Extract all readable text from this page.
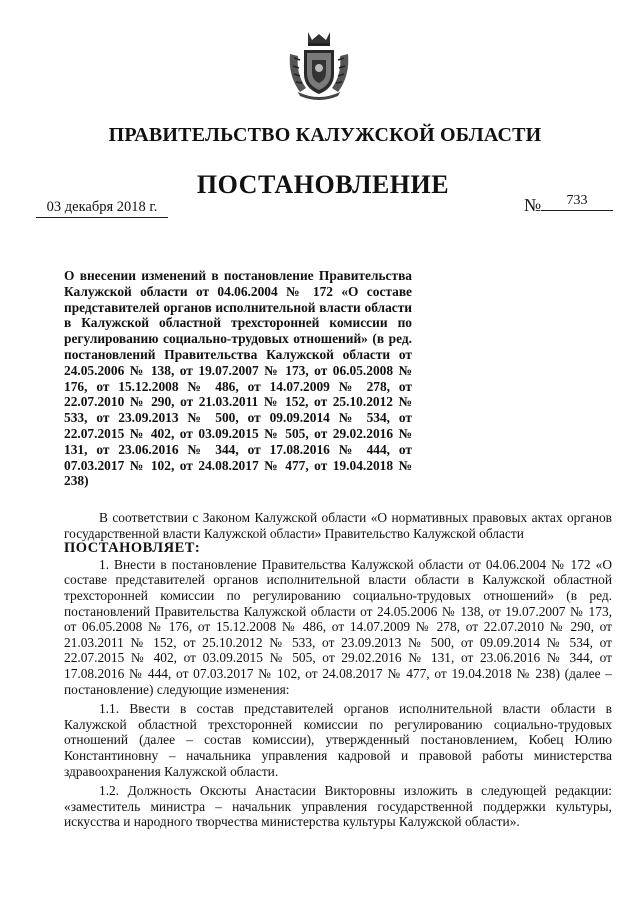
ПРАВИТЕЛЬСТВО КАЛУЖСКОЙ ОБЛАСТИ
ПОСТАНОВЛЕНИЕ
03 декабря 2018 г.	№	733
О внесении изменений в постановление Правительства Калужской области от 04.06.2004 № 172 «О составе представителей органов исполнительной власти области в Калужской областной трехсторонней комиссии по регулированию социально-трудовых отношений» (в ред. постановлений Правительства Калужской области от 24.05.2006 № 138, от 19.07.2007 № 173, от 06.05.2008 № 176, от 15.12.2008 № 486, от 14.07.2009 № 278, от 22.07.2010 № 290, от 21.03.2011 № 152, от 25.10.2012 № 533, от 23.09.2013 № 500, от 09.09.2014 № 534, от 22.07.2015 № 402, от 03.09.2015 № 505, от 29.02.2016 № 131, от 23.06.2016 № 344, от 17.08.2016 № 444, от 07.03.2017 № 102, от 24.08.2017 № 477, от 19.04.2018 № 238)

В соответствии с Законом Калужской области «О нормативных правовых актах органов государственной власти Калужской области» Правительство Калужской области

ПОСТАНОВЛЯЕТ:

1. Внести в постановление Правительства Калужской области от 04.06.2004 № 172 «О составе представителей органов исполнительной власти области в Калужской областной трехсторонней комиссии по регулированию социально-трудовых отношений» (в ред. постановлений Правительства Калужской области от 24.05.2006 № 138, от 19.07.2007 № 173, от 06.05.2008 № 176, от 15.12.2008 № 486, от 14.07.2009 № 278, от 22.07.2010 № 290, от 21.03.2011 № 152, от 25.10.2012 № 533, от 23.09.2013 № 500, от 09.09.2014 № 534, от 22.07.2015 № 402, от 03.09.2015 № 505, от 29.02.2016 № 131, от 23.06.2016 № 344, от 17.08.2016 № 444, от 07.03.2017 № 102, от 24.08.2017 № 477, от 19.04.2018 № 238) (далее – постановление) следующие изменения:

1.1. Ввести в состав представителей органов исполнительной власти области в Калужской областной трехсторонней комиссии по регулированию социально-трудовых отношений (далее – состав комиссии), утвержденный постановлением, Кобец Юлию Константиновну – начальника управления кадровой и правовой работы министерства здравоохранения Калужской области.

1.2. Должность Оксюты Анастасии Викторовны изложить в следующей редакции: «заместитель министра – начальник управления государственной поддержки культуры, искусства и народного творчества министерства культуры Калужской области».
